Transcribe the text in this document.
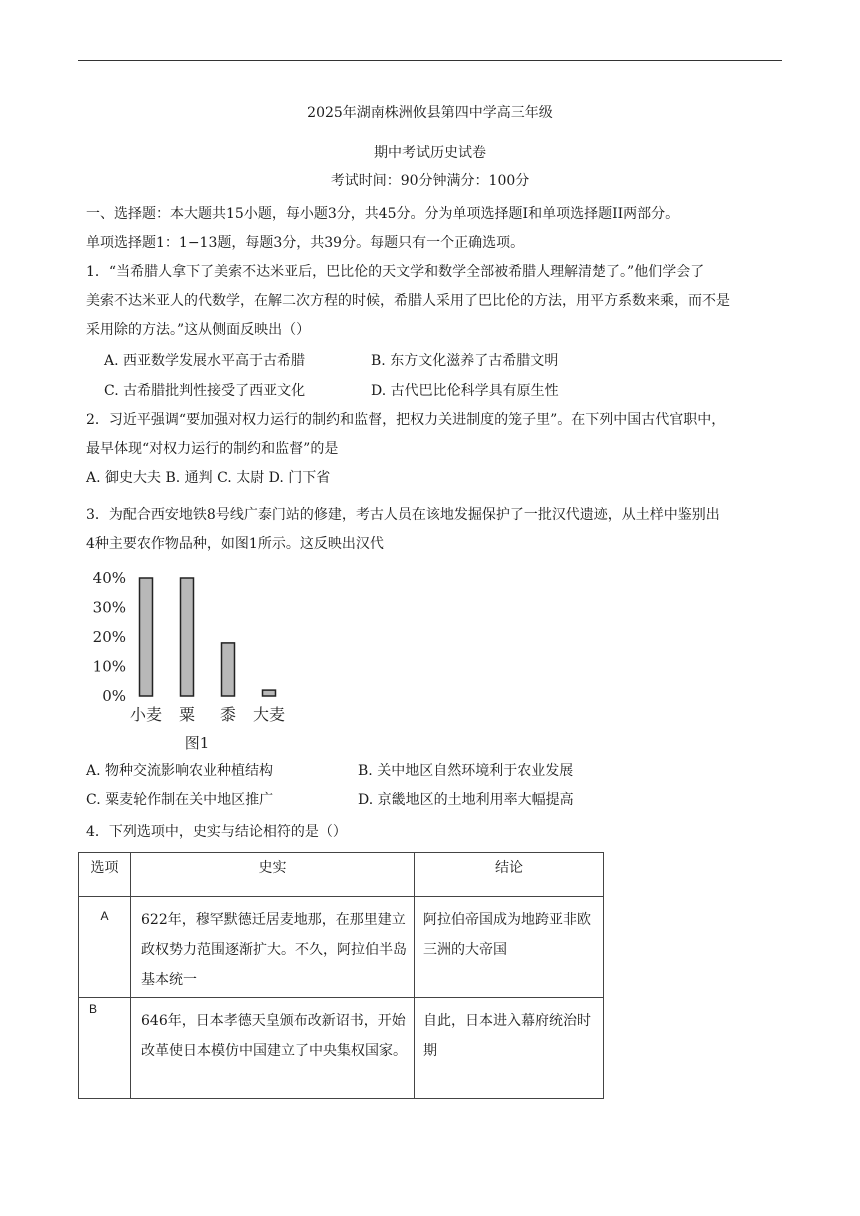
2025年湖南株洲攸县第四中学高三年级
期中考试历史试卷
考试时间：90分钟满分：100分
一、选择题：本大题共15小题，每小题3分，共45分。分为单项选择题I和单项选择题II两部分。
单项选择题1：1−13题，每题3分，共39分。每题只有一个正确选项。
1．“当希腊人拿下了美索不达米亚后，巴比伦的天文学和数学全部被希腊人理解清楚了。”他们学会了
美索不达米亚人的代数学，在解二次方程的时候，希腊人采用了巴比伦的方法，用平方系数来乘，而不是
采用除的方法。”这从侧面反映出（）
A. 西亚数学发展水平高于古希腊	B. 东方文化滋养了古希腊文明
C. 古希腊批判性接受了西亚文化	D. 古代巴比伦科学具有原生性
2．习近平强调“要加强对权力运行的制约和监督，把权力关进制度的笼子里”。在下列中国古代官职中，
最早体现“对权力运行的制约和监督”的是
A. 御史大夫 B. 通判 C. 太尉 D. 门下省
3．为配合西安地铁8号线广泰门站的修建，考古人员在该地发掘保护了一批汉代遗迹，从土样中鉴别出
4种主要农作物品种，如图1所示。这反映出汉代
40%
30%
20%
10%
0%
小麦 粟 黍 大麦
图1
A. 物种交流影响农业种植结构	B. 关中地区自然环境利于农业发展
C. 粟麦轮作制在关中地区推广	D. 京畿地区的土地利用率大幅提高
4．下列选项中，史实与结论相符的是（）
选项	史实	结论

A	622年，穆罕默德迁居麦地那，在那里建立政权势力范围逐渐扩大。不久，阿拉伯半岛基本统一	阿拉伯帝国成为地跨亚非欧三洲的大帝国

B	646年，日本孝德天皇颁布改新诏书，开始改革使日本模仿中国建立了中央集权国家。	自此，日本进入幕府统治时期
